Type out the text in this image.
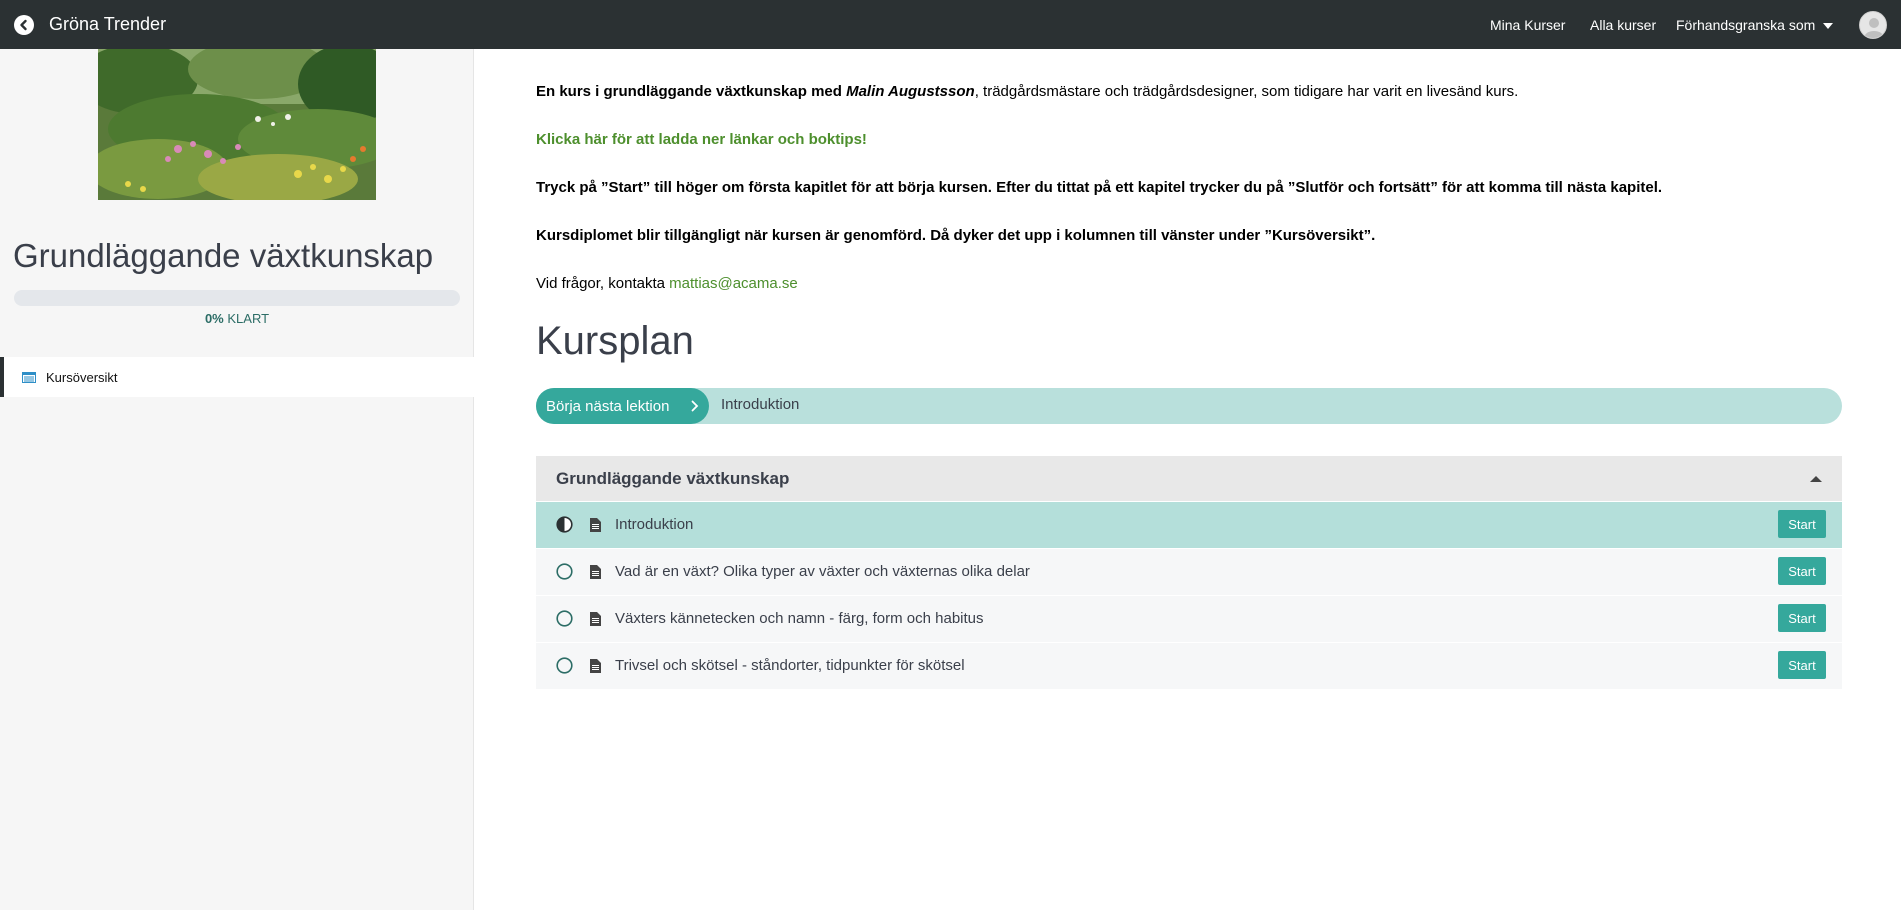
Gröna Trender	Mina Kurser Alla kurser Förhandsgranska som
Grundläggande växtkunskap
0% KLART
Kursöversikt
En kurs i grundläggande växtkunskap med Malin Augustsson, trädgårdsmästare och trädgårdsdesigner, som tidigare har varit en livesänd kurs.
Klicka här för att ladda ner länkar och boktips!
Tryck på ”Start” till höger om första kapitlet för att börja kursen. Efter du tittat på ett kapitel trycker du på ”Slutför och fortsätt” för att komma till nästa kapitel.
Kursdiplomet blir tillgängligt när kursen är genomförd. Då dyker det upp i kolumnen till vänster under ”Kursöversikt”.
Vid frågor, kontakta mattias@acama.se
Kursplan
Börja nästa lektion	Introduktion
Grundläggande växtkunskap
Introduktion	Start
Vad är en växt? Olika typer av växter och växternas olika delar	Start
Växters kännetecken och namn - färg, form och habitus	Start
Trivsel och skötsel - ståndorter, tidpunkter för skötsel	Start
